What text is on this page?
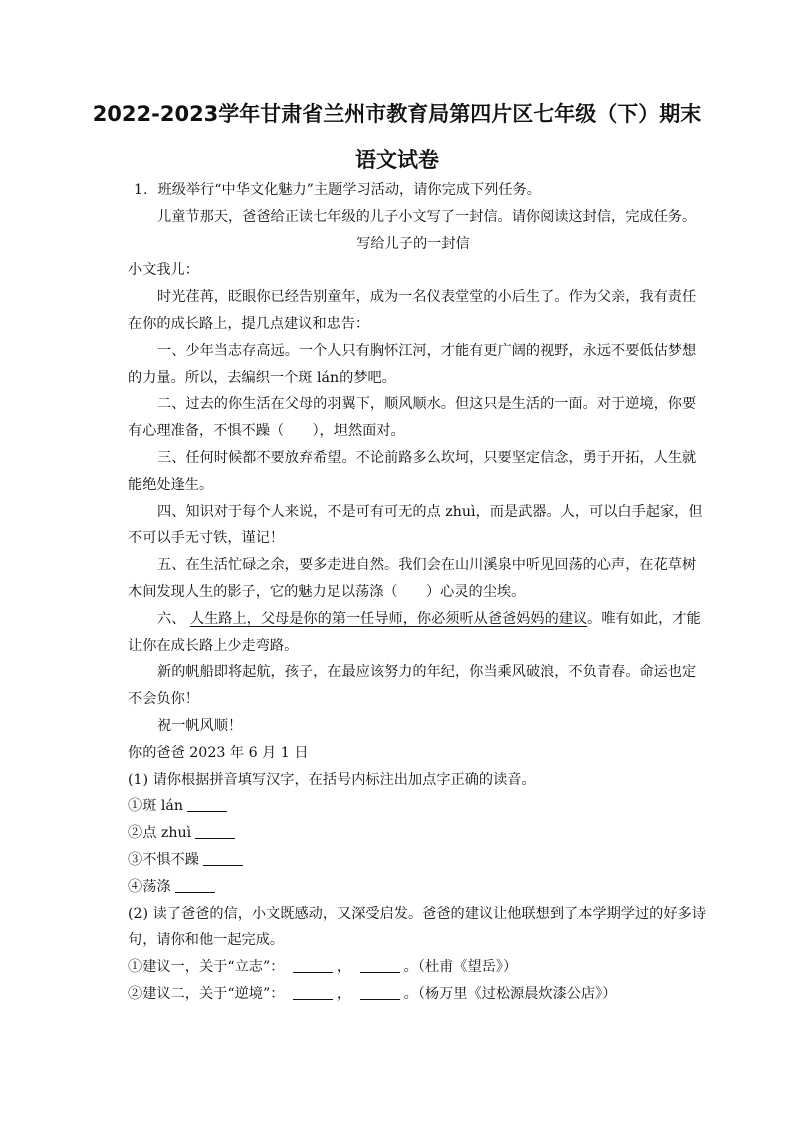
2022-2023学年甘肃省兰州市教育局第四片区七年级（下）期末
语文试卷
1. 班级举行“中华文化魅力”主题学习活动，请你完成下列任务。
儿童节那天，爸爸给正读七年级的儿子小文写了一封信。请你阅读这封信，完成任务。
写给儿子的一封信
小文我儿：
时光荏苒，眨眼你已经告别童年，成为一名仪表堂堂的小后生了。作为父亲，我有责任
在你的成长路上，提几点建议和忠告：
一、少年当志存高远。一个人只有胸怀江河，才能有更广阔的视野，永远不要低估梦想
的力量。所以，去编织一个斑 lán的梦吧。
二、过去的你生活在父母的羽翼下，顺风顺水。但这只是生活的一面。对于逆境，你要
有心理准备，不惧不躁（　　），坦然面对。
三、任何时候都不要放弃希望。不论前路多么坎坷，只要坚定信念，勇于开拓，人生就
能绝处逢生。
四、知识对于每个人来说，不是可有可无的点 zhuì，而是武器。人，可以白手起家，但
不可以手无寸铁，谨记！
五、在生活忙碌之余，要多走进自然。我们会在山川溪泉中听见回荡的心声，在花草树
木间发现人生的影子，它的魅力足以荡涤（　　）心灵的尘埃。
六、 人生路上，父母是你的第一任导师，你必须听从爸爸妈妈的建议。唯有如此，才能
让你在成长路上少走弯路。
新的帆船即将起航，孩子，在最应该努力的年纪，你当乘风破浪，不负青春。命运也定
不会负你！
祝一帆风顺！
你的爸爸 2023 年 6 月 1 日
(1) 请你根据拼音填写汉字，在括号内标注出加点字正确的读音。
①斑 lán
②点 zhuì
③不惧不躁
④荡涤
(2) 读了爸爸的信，小文既感动，又深受启发。爸爸的建议让他联想到了本学期学过的好多诗
句，请你和他一起完成。
①建议一，关于“立志”：	，	。（杜甫《望岳》）
②建议二，关于“逆境”：	，	。（杨万里《过松源晨炊漆公店》）
